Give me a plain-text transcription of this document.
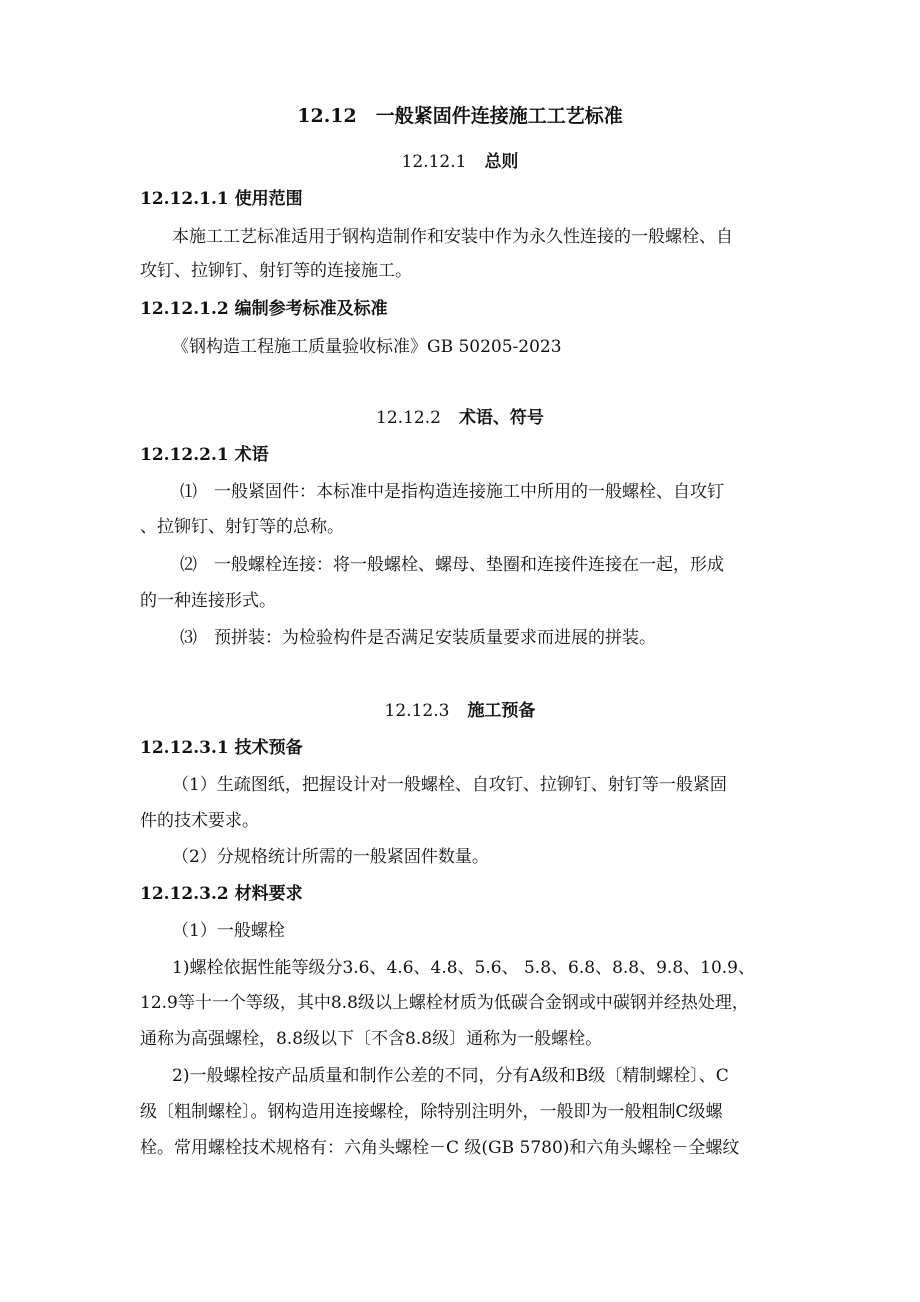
12.12　一般紧固件连接施工工艺标准
12.12.1 总则
12.12.1.1 使用范围
本施工工艺标准适用于钢构造制作和安装中作为永久性连接的一般螺栓、自
攻钉、拉铆钉、射钉等的连接施工。
12.12.1.2 编制参考标准及标准
《钢构造工程施工质量验收标准》GB 50205-2023
12.12.2 术语、符号
12.12.2.1 术语
⑴　一般紧固件：本标准中是指构造连接施工中所用的一般螺栓、自攻钉
、拉铆钉、射钉等的总称。
⑵　一般螺栓连接：将一般螺栓、螺母、垫圈和连接件连接在一起，形成
的一种连接形式。
⑶　预拼装：为检验构件是否满足安装质量要求而进展的拼装。
12.12.3 施工预备
12.12.3.1 技术预备
（1）生疏图纸，把握设计对一般螺栓、自攻钉、拉铆钉、射钉等一般紧固
件的技术要求。
（2）分规格统计所需的一般紧固件数量。
12.12.3.2 材料要求
（1）一般螺栓
1)螺栓依据性能等级分3.6、4.6、4.8、5.6、 5.8、6.8、8.8、9.8、10.9、
12.9等十一个等级，其中8.8级以上螺栓材质为低碳合金钢或中碳钢并经热处理，
通称为高强螺栓，8.8级以下〔不含8.8级〕通称为一般螺栓。
2)一般螺栓按产品质量和制作公差的不同，分有A级和B级〔精制螺栓〕、C
级〔粗制螺栓〕。钢构造用连接螺栓，除特别注明外，一般即为一般粗制C级螺
栓。常用螺栓技术规格有：六角头螺栓－C 级(GB 5780)和六角头螺栓－全螺纹
